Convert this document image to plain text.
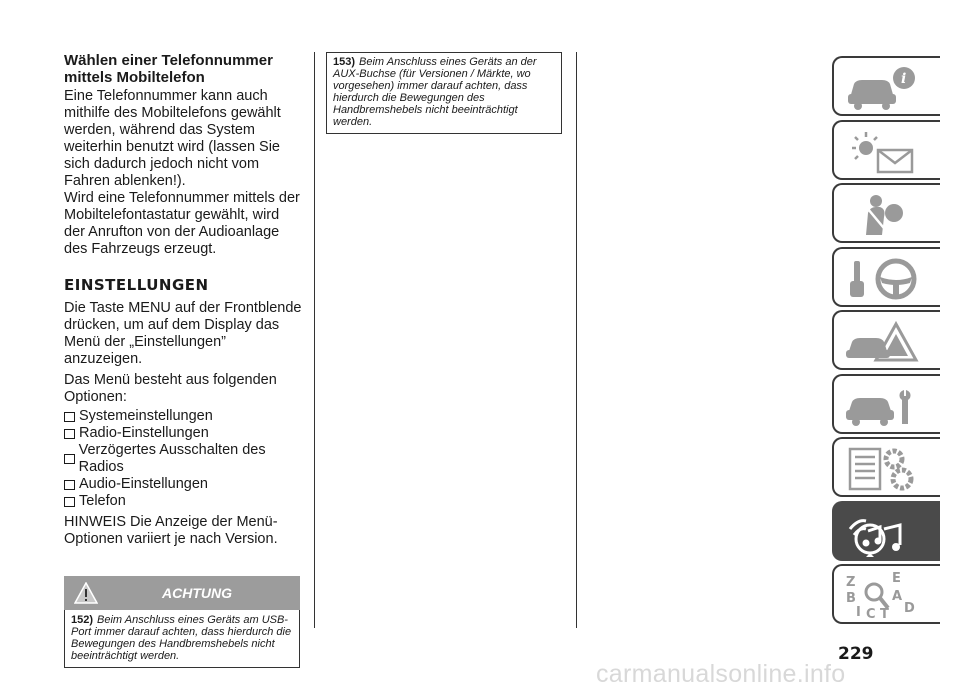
Wählen einer Telefonnummer
mittels Mobiltelefon

Eine Telefonnummer kann auch mithilfe des Mobiltelefons gewählt werden, während das System weiterhin benutzt wird (lassen Sie sich dadurch jedoch nicht vom Fahren ablenken!).

Wird eine Telefonnummer mittels der Mobiltelefontastatur gewählt, wird der Anrufton von der Audioanlage des Fahrzeugs erzeugt.

EINSTELLUNGEN

Die Taste MENU auf der Frontblende drücken, um auf dem Display das Menü der „Einstellungen” anzuzeigen.

Das Menü besteht aus folgenden Optionen:

Systemeinstellungen
Radio-Einstellungen
Verzögertes Ausschalten des Radios
Audio-Einstellungen
Telefon

HINWEIS Die Anzeige der Menü-Optionen variiert je nach Version.

ACHTUNG

152) Beim Anschluss eines Geräts am USB-Port immer darauf achten, dass hierdurch die Bewegungen des Handbremshebels nicht beeinträchtigt werden.

153) Beim Anschluss eines Geräts an der AUX-Buchse (für Versionen / Märkte, wo vorgesehen) immer darauf achten, dass hierdurch die Bewegungen des Handbremshebels nicht beeinträchtigt werden.

i
Z	E
A
B
I C T D
229
carmanualsonline.info
